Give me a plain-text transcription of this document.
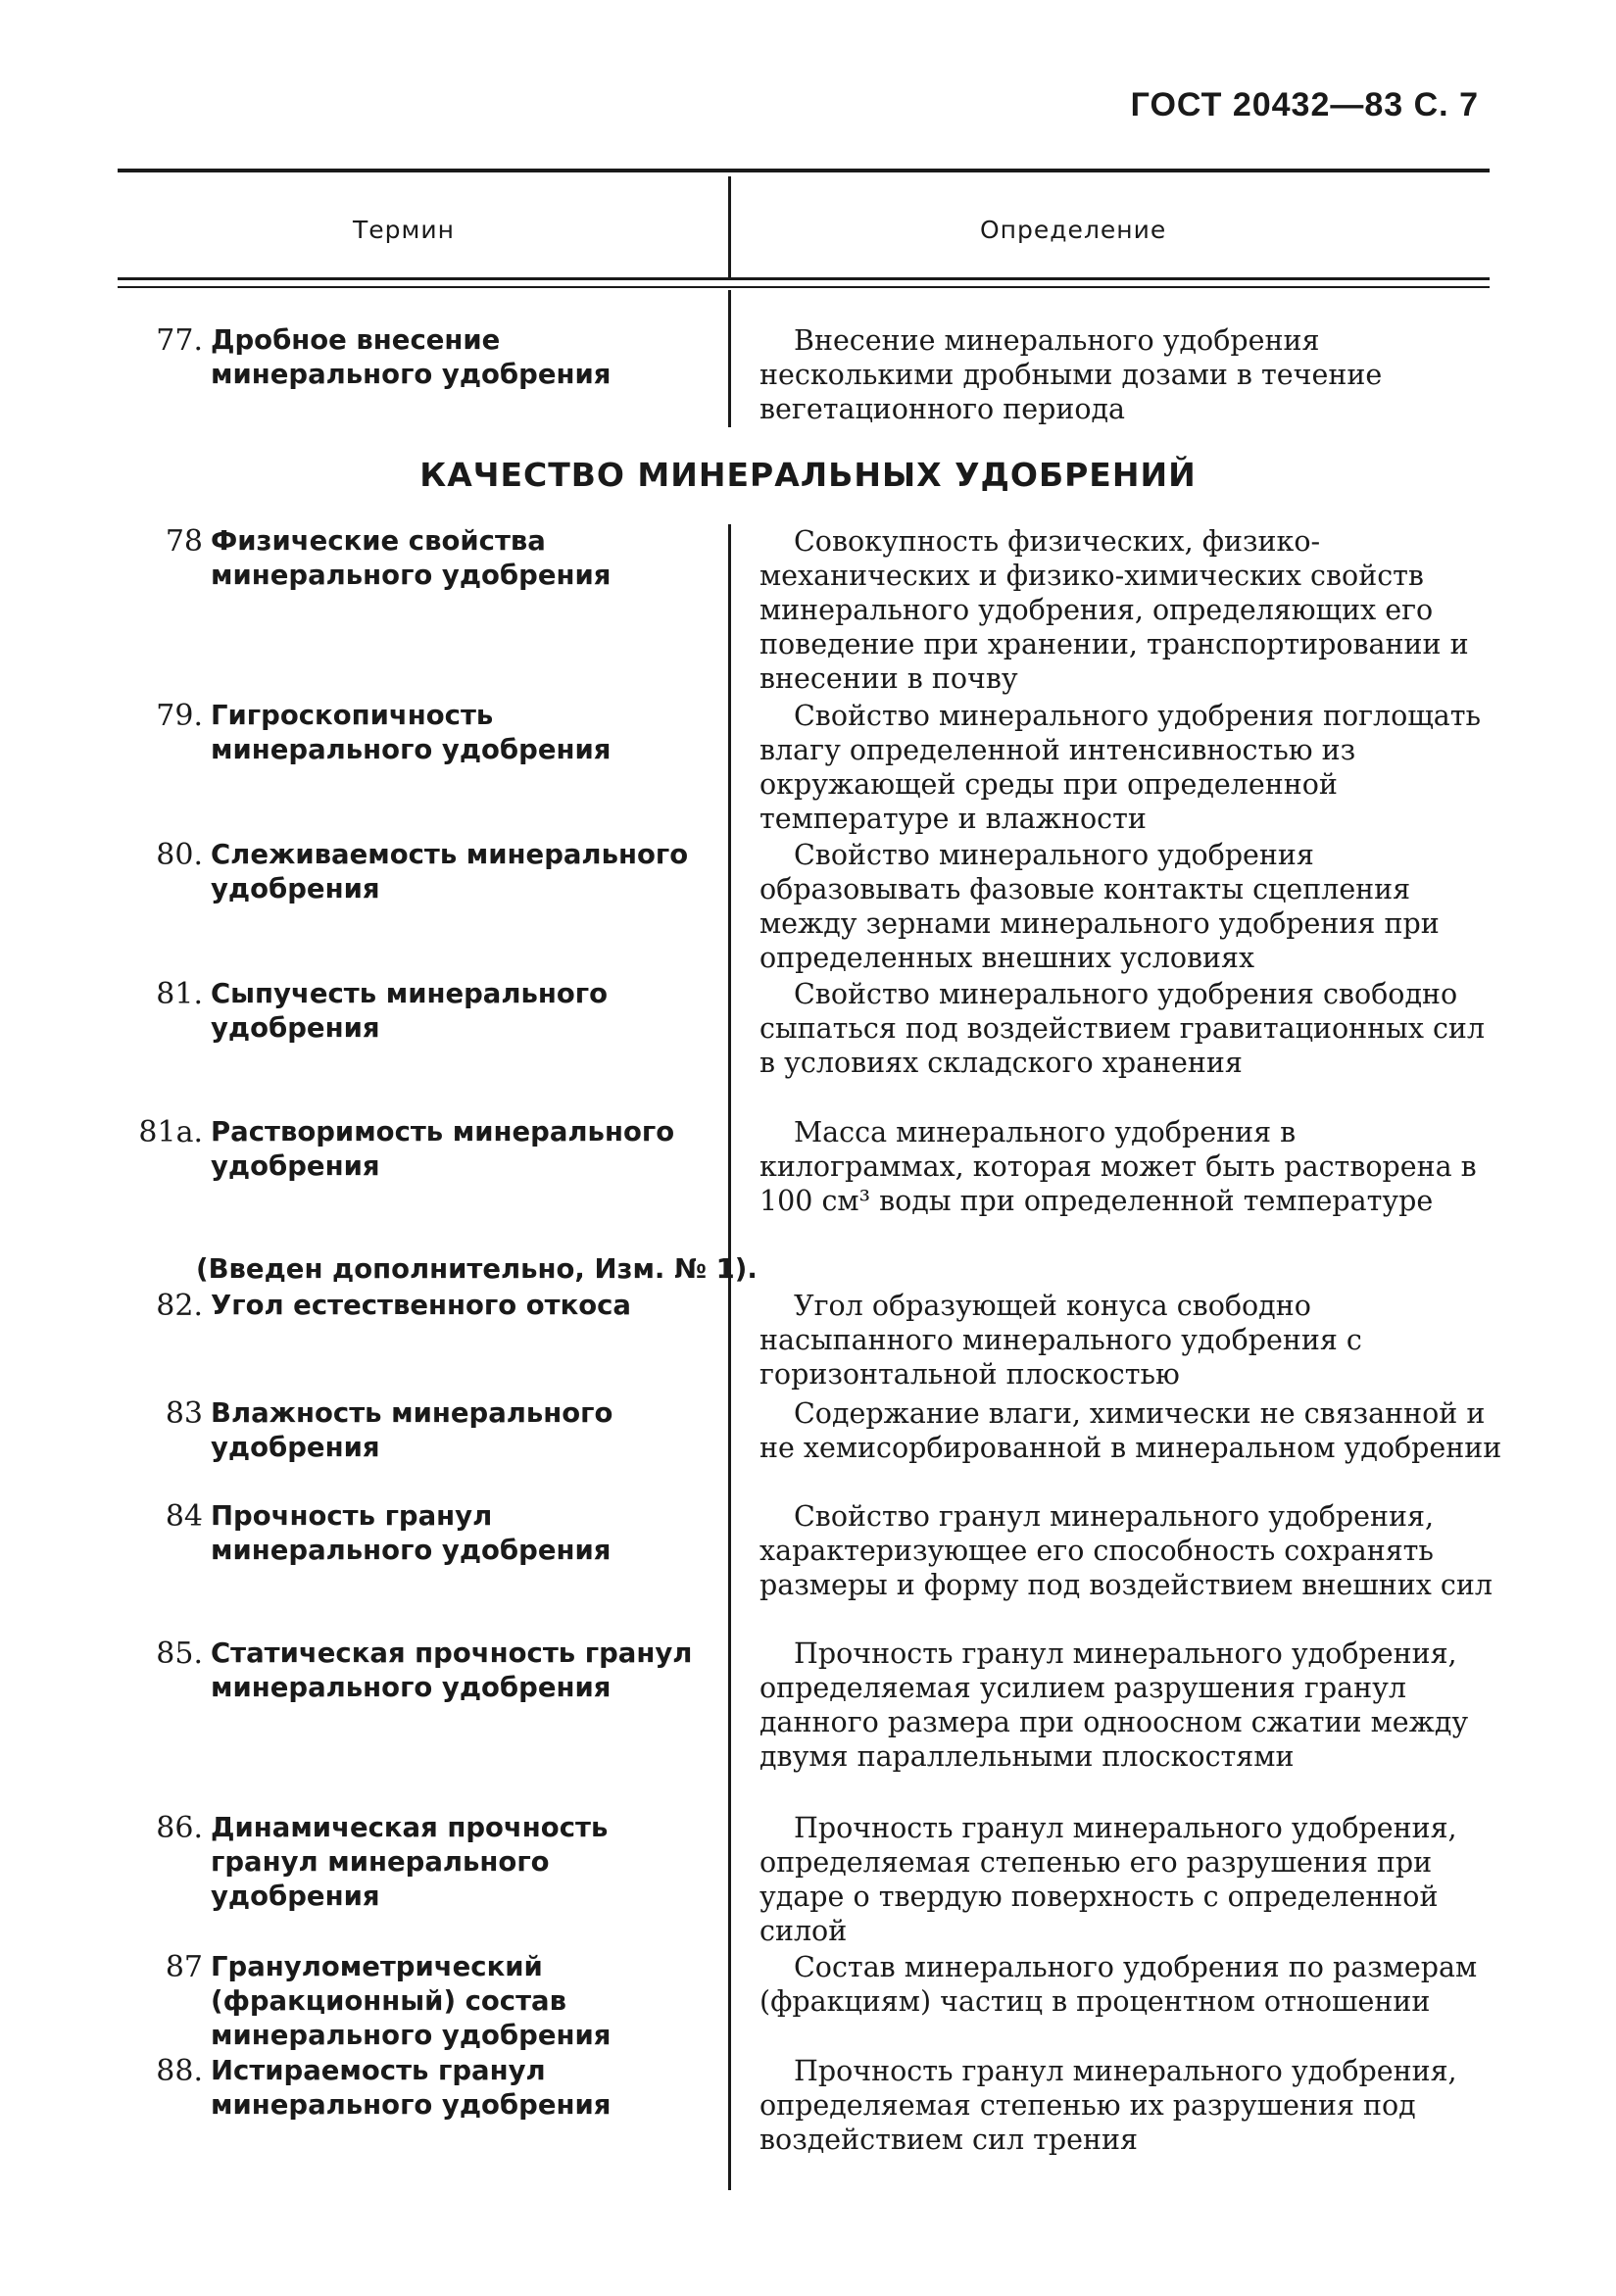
ГОСТ 20432—83 С. 7
Термин	Определение
77. Дробное внесение минерального удобрения
Внесение минерального удобрения несколькими дробными дозами в течение вегетационного периода
КАЧЕСТВО МИНЕРАЛЬНЫХ УДОБРЕНИЙ
78 Физические свойства минерального удобрения
Совокупность физических, физико-механических и физико-химических свойств минерального удобрения, определяющих его поведение при хранении, транспортировании и внесении в почву
79. Гигроскопичность минерального удобрения
Свойство минерального удобрения поглощать влагу определенной интенсивностью из окружающей среды при определенной температуре и влажности
80. Слеживаемость минерального удобрения
Свойство минерального удобрения образовывать фазовые контакты сцепления между зернами минерального удобрения при определенных внешних условиях
81. Сыпучесть минерального удобрения
Свойство минерального удобрения свободно сыпаться под воздействием гравитационных сил в условиях складского хранения
81а. Растворимость минерального удобрения
Масса минерального удобрения в килограммах, которая может быть растворена в 100 см³ воды при определенной температуре
(Введен дополнительно, Изм. № 1).
82. Угол естественного откоса	Угол образующей конуса свободно насыпанного минерального удобрения с горизонтальной плоскостью
83 Влажность минерального удобрения
Содержание влаги, химически не связанной и не хемисорбированной в минеральном удобрении
84 Прочность гранул минерального удобрения
Свойство гранул минерального удобрения, характеризующее его способность сохранять размеры и форму под воздействием внешних сил
85. Статическая прочность гранул минерального удобрения
Прочность гранул минерального удобрения, определяемая усилием разрушения гранул данного размера при одноосном сжатии между двумя параллельными плоскостями
86. Динамическая прочность гранул минерального удобрения
Прочность гранул минерального удобрения, определяемая степенью его разрушения при ударе о твердую поверхность с определенной силой
87 Гранулометрический (фракционный) состав минерального удобрения
Состав минерального удобрения по размерам (фракциям) частиц в процентном отношении
88. Истираемость гранул минерального удобрения
Прочность гранул минерального удобрения, определяемая степенью их разрушения под воздействием сил трения
